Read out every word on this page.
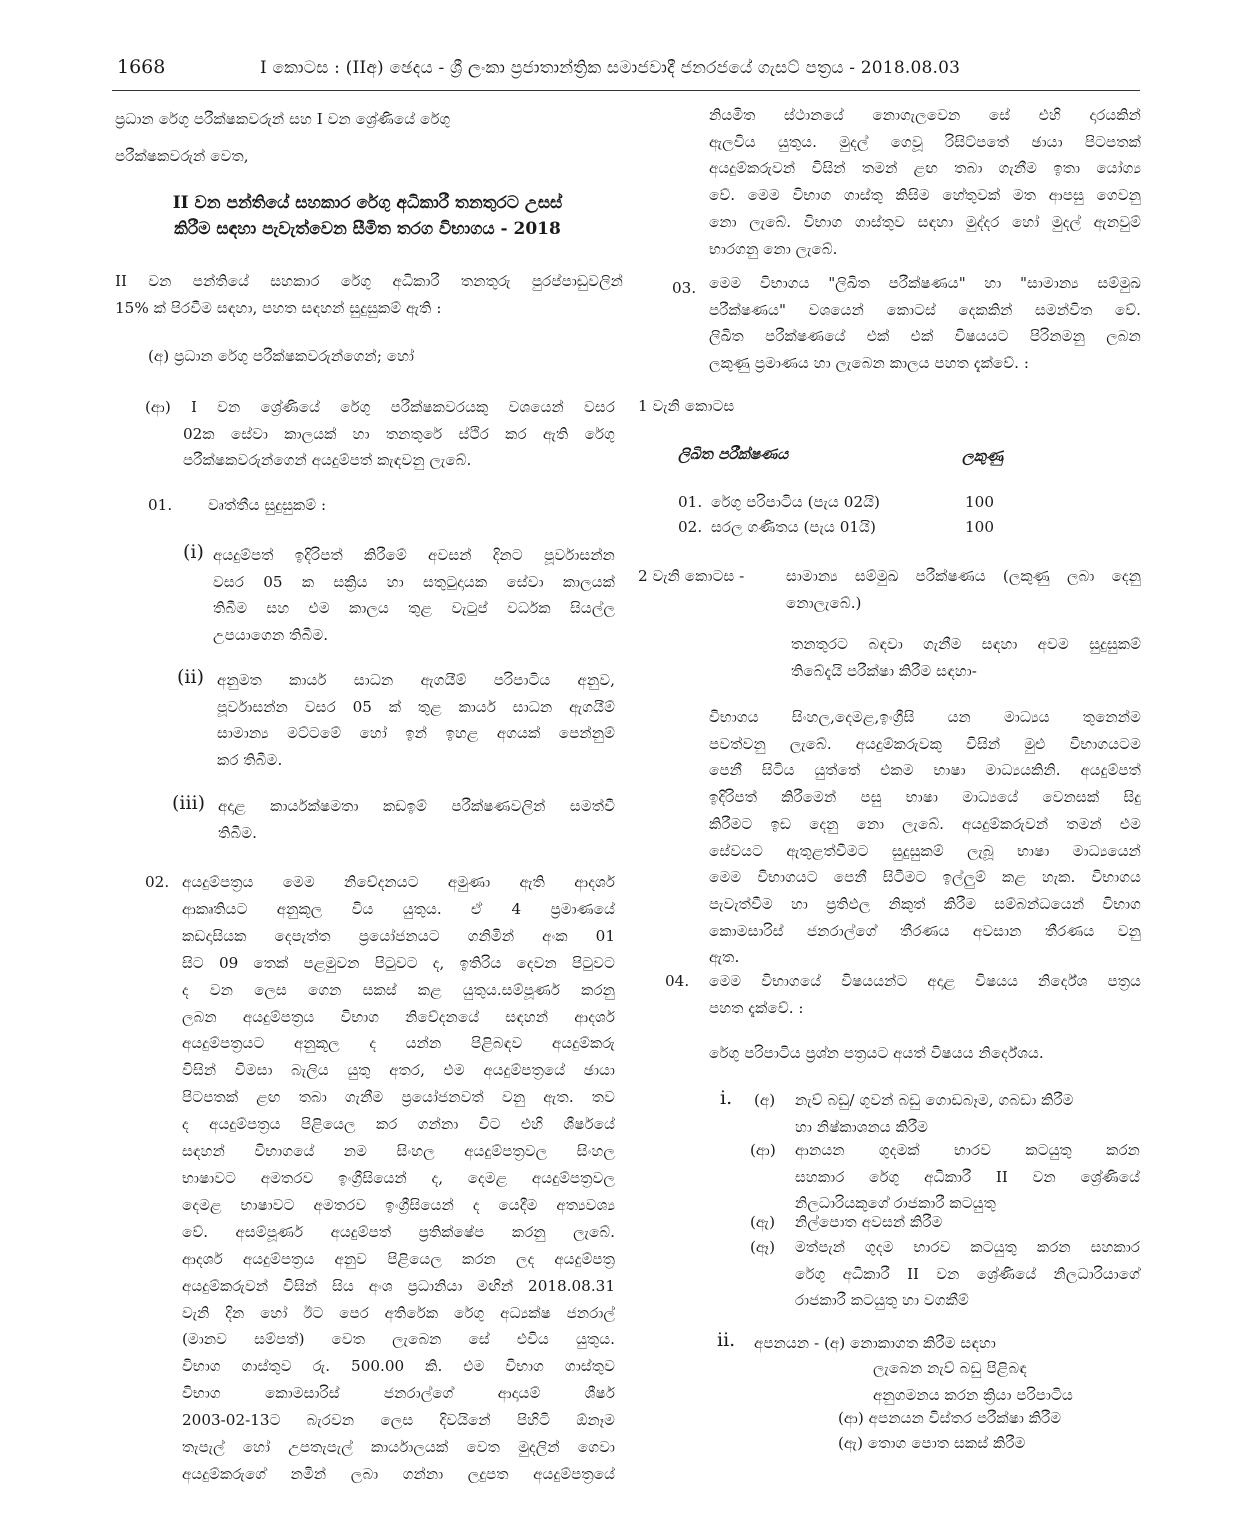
1668	I කොටස : (IIඅ) ඡෙදය - ශ්‍රී ලංකා ප්‍රජාතාන්ත්‍රික සමාජවාදී ජනරජයේ ගැසට් පත්‍රය - 2018.08.03
ප්‍රධාන රේගු පරීක්ෂකවරුන් සහ I වන ශ්‍රේණියේ රේගු
පරීක්ෂකවරුන් වෙත,
II වන පන්තියේ සහකාර රේගු අධිකාරී තනතුරට උසස්
කිරීම සඳහා පැවැත්වෙන සීමිත තරග විභාගය - 2018
II වන පන්තියේ සහකාර රේගු අධිකාරී තනතුරු පුරප්පාඩුවලින්
15% ක් පිරවීම සඳහා, පහත සඳහන් සුදුසුකම් ඇති :
(අ) ප්‍රධාන රේගු පරීක්ෂකවරුන්ගෙන්; හෝ
(ආ) I වන ශ්‍රේණියේ රේගු පරීක්ෂකවරයකු වශයෙන් වසර
02ක සේවා කාලයක් හා තනතුරේ ස්ථිර කර ඇති රේගු
පරීක්ෂකවරුන්ගෙන් අයදුම්පත් කැඳවනු ලැබේ.
01. වෘත්තීය සුදුසුකම් :
(i) අයදුම්පත් ඉදිරිපත් කිරීමේ අවසන් දිනට පූර්වාසන්න
වසර 05 ක සක්‍රිය හා සතුටුදායක සේවා කාලයක්
තිබීම සහ එම කාලය තුළ වැටුප් වර්ධක සියල්ල
උපයාගෙන තිබීම.
(ii) අනුමත කාර්ය සාධන ඇගයීම් පරිපාටිය අනුව,
පූර්වාසන්න වසර 05 ක් තුළ කාර්ය සාධන ඇගයීම්
සාමාන්‍ය මට්ටමේ හෝ ඉන් ඉහළ අගයක් පෙන්නුම්
කර තිබීම.
(iii) අදාළ කාර්යක්ෂමතා කඩඉම් පරීක්ෂණවලින් සමත්වී
තිබීම.
02. අයදුම්පත්‍රය මෙම නිවේදනයට අමුණා ඇති ආදර්ශ
ආකෘතියට අනුකූල විය යුතුය. ඒ 4 ප්‍රමාණයේ
කඩදාසියක දෙපැත්ත ප්‍රයෝජනයට ගනිමින් අංක 01
සිට 09 තෙක් පළමුවන පිටුවට ද, ඉතිරිය දෙවන පිටුවට
ද වන ලෙස ගෙන සකස් කළ යුතුය.සම්පූර්ණ කරනු
ලබන අයදුම්පත්‍රය විභාග නිවේදනයේ සඳහන් ආදර්ශ
අයදුම්පත්‍රයට අනුකූල ද යන්න පිළිබඳව අයදුම්කරු
විසින් විමසා බැලිය යුතු අතර, එම අයදුම්පත්‍රයේ ඡායා
පිටපතක් ළඟ තබා ගැනීම ප්‍රයෝජනවත් වනු ඇත. තව
ද අයදුම්පත්‍රය පිළියෙල කර ගන්නා විට එහි ශීර්ෂයේ
සඳහන් විභාගයේ නම සිංහල අයදුම්පත්‍රවල සිංහල
භාෂාවට අමතරව ඉංග්‍රීසියෙන් ද, දෙමළ අයදුම්පත්‍රවල
දෙමළ භාෂාවට අමතරව ඉංග්‍රීසියෙන් ද යෙදීම අත්‍යවශ්‍ය
වේ. අසම්පූර්ණ අයදුම්පත් ප්‍රතික්ෂේප කරනු ලැබේ.
ආදර්ශ අයදුම්පත්‍රය අනුව පිළියෙල කරන ලද අයදුම්පත්‍ර
අයදුම්කරුවන් විසින් සිය අංශ ප්‍රධානියා මඟින් 2018.08.31
වැනි දින හෝ ඊට පෙර අතිරේක රේගු අධ්‍යක්ෂ ජනරාල්
(මානව සම්පත්) වෙත ලැබෙන සේ එවිය යුතුය.
විභාග ගාස්තුව රු. 500.00 කි. එම විභාග ගාස්තුව
විභාග කොමසාරිස් ජනරාල්ගේ ආදායම් ශීර්ෂ
2003-02-13ට බැරවන ලෙස දිවයිනේ පිහිටි ඕනෑම
තැපැල් හෝ උපතැපැල් කාර්යාලයක් වෙත මුදලින් ගෙවා
අයදුම්කරුගේ නමින් ලබා ගන්නා ලදුපත අයදුම්පත්‍රයේ
නියමිත ස්ථානයේ නොගැලවෙන සේ එහි දාරයකින්
ඇලවිය යුතුය. මුදල් ගෙවූ රිසිට්පතේ ඡායා පිටපතක්
අයදුම්කරුවන් විසින් තමන් ළඟ තබා ගැනීම ඉතා යෝග්‍ය
වේ. මෙම විභාග ගාස්තු කිසිම හේතුවක් මත ආපසු ගෙවනු
නො ලැබේ. විභාග ගාස්තුව සඳහා මුද්දර හෝ මුදල් ඇනවුම්
භාරගනු නො ලැබේ.
03. මෙම විභාගය "ලිඛිත පරීක්ෂණය" හා "සාමාන්‍ය සම්මුඛ
පරීක්ෂණය" වශයෙන් කොටස් දෙකකින් සමන්විත වේ.
ලිඛිත පරීක්ෂණයේ එක් එක් විෂයයට පිරිනමනු ලබන
ලකුණු ප්‍රමාණය හා ලැබෙන කාලය පහත දැක්වේ. :
1 වැනි කොටස
ලිඛිත පරීක්ෂණය	ලකුණු
01. රේගු පරිපාටිය (පැය 02යි)	100
02. සරල ගණිතය (පැය 01යි)	100
2 වැනි කොටස -	සාමාන්‍ය සම්මුඛ පරීක්ෂණය (ලකුණු ලබා දෙනු
නොලැබේ.)
තනතුරට බඳවා ගැනීම සඳහා අවම සුදුසුකම්
තිබේදැයි පරීක්ෂා කිරීම සඳහා-
විභාගය සිංහල,දෙමළ,ඉංග්‍රීසි යන මාධ්‍යය තුනෙන්ම
පවත්වනු ලැබේ. අයදුම්කරුවකු විසින් මුළු විභාගයටම
පෙනී සිටිය යුත්තේ එකම භාෂා මාධ්‍යයකිනි. අයදුම්පත්
ඉදිරිපත් කිරීමෙන් පසු භාෂා මාධ්‍යයේ වෙනසක් සිදු
කිරීමට ඉඩ දෙනු නො ලැබේ. අයදුම්කරුවන් තමන් එම
සේවයට ඇතුළත්වීමට සුදුසුකම් ලැබූ භාෂා මාධ්‍යයෙන්
මෙම විභාගයට පෙනී සිටීමට ඉල්ලුම් කළ හැක. විභාගය
පැවැත්වීම හා ප්‍රතිඵල නිකුත් කිරීම සම්බන්ධයෙන් විභාග
කොමසාරිස් ජනරාල්ගේ තීරණය අවසාන තීරණය වනු
ඇත.
04. මෙම විභාගයේ විෂයයන්ට අදාළ විෂයය නිර්දේශ පත්‍රය
පහත දැක්වේ. :
රේගු පරිපාටිය ප්‍රශ්න පත්‍රයට අයත් විෂයය නිර්දේශය.
i. (අ) නැව් බඩු/ ගුවන් බඩු ගොඩබෑම, ගබඩා කිරීම
හා නිෂ්කාශනය කිරීම
(ආ) ආනයන ගුදමක් භාරව කටයුතු කරන
සහකාර රේගු අධිකාරී II වන ශ්‍රේණියේ
නිලධාරියකුගේ රාජකාරී කටයුතු
(ඇ) නිල්පොත අවසන් කිරීම
(ඈ) මත්පැන් ගුදම භාරව කටයුතු කරන සහකාර
රේගු අධිකාරී II වන ශ්‍රේණියේ නිලධාරියාගේ
රාජකාරී කටයුතු හා වගකීම්
ii. අපනයන - (අ) නොකාගත කිරීම සඳහා
ලැබෙන නැව් බඩු පිළිබඳ
අනුගමනය කරන ක්‍රියා පරිපාටිය
(ආ) අපනයන විස්තර පරීක්ෂා කිරීම
(ඇ) තොග පොත සකස් කිරීම
